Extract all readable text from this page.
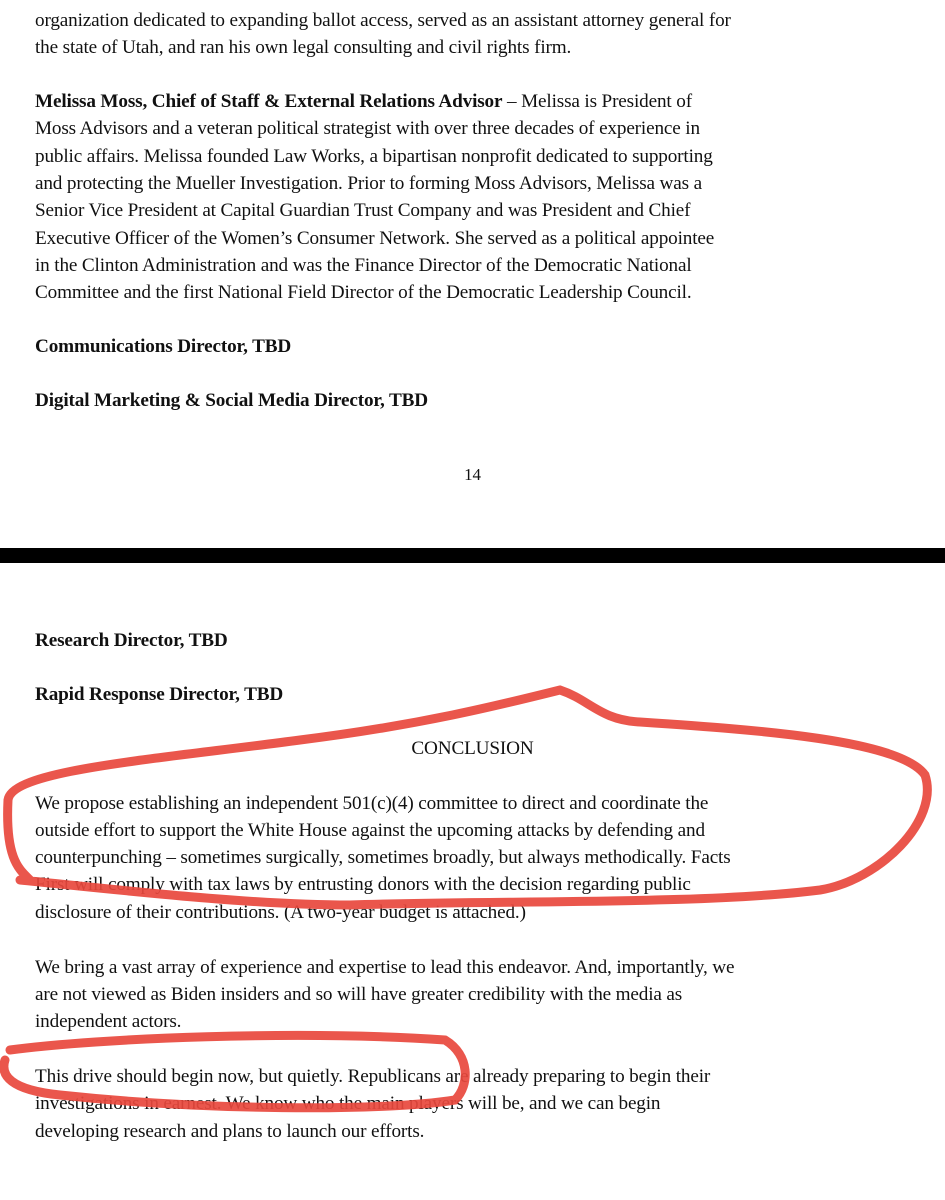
organization dedicated to expanding ballot access, served as an assistant attorney general for
the state of Utah, and ran his own legal consulting and civil rights firm.
Melissa Moss, Chief of Staff & External Relations Advisor – Melissa is President of
Moss Advisors and a veteran political strategist with over three decades of experience in
public affairs. Melissa founded Law Works, a bipartisan nonprofit dedicated to supporting
and protecting the Mueller Investigation. Prior to forming Moss Advisors, Melissa was a
Senior Vice President at Capital Guardian Trust Company and was President and Chief
Executive Officer of the Women’s Consumer Network. She served as a political appointee
in the Clinton Administration and was the Finance Director of the Democratic National
Committee and the first National Field Director of the Democratic Leadership Council.
Communications Director, TBD
Digital Marketing & Social Media Director, TBD
14
Research Director, TBD
Rapid Response Director, TBD
CONCLUSION
We propose establishing an independent 501(c)(4) committee to direct and coordinate the
outside effort to support the White House against the upcoming attacks by defending and
counterpunching – sometimes surgically, sometimes broadly, but always methodically. Facts
First will comply with tax laws by entrusting donors with the decision regarding public
disclosure of their contributions. (A two-year budget is attached.)
We bring a vast array of experience and expertise to lead this endeavor. And, importantly, we
are not viewed as Biden insiders and so will have greater credibility with the media as
independent actors.
This drive should begin now, but quietly. Republicans are already preparing to begin their
investigations in earnest. We know who the main players will be, and we can begin
developing research and plans to launch our efforts.
